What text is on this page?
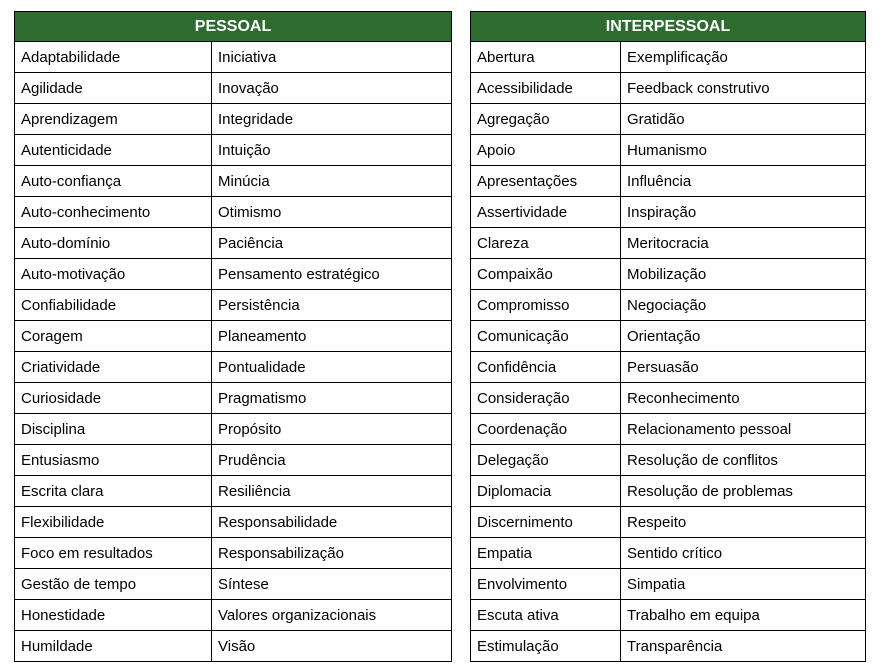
PESSOAL	
Adaptabilidade	Iniciativa
Agilidade	Inovação
Aprendizagem	Integridade
Autenticidade	Intuição
Auto-confiança	Minúcia
Auto-conhecimento	Otimismo
Auto-domínio	Paciência
Auto-motivação	Pensamento estratégico
Confiabilidade	Persistência
Coragem	Planeamento
Criatividade	Pontualidade
Curiosidade	Pragmatismo
Disciplina	Propósito
Entusiasmo	Prudência
Escrita clara	Resiliência
Flexibilidade	Responsabilidade
Foco em resultados	Responsabilização
Gestão de tempo	Síntese
Honestidade	Valores organizacionais
Humildade	Visão
INTERPESSOAL	
Abertura	Exemplificação
Acessibilidade	Feedback construtivo
Agregação	Gratidão
Apoio	Humanismo
Apresentações	Influência
Assertividade	Inspiração
Clareza	Meritocracia
Compaixão	Mobilização
Compromisso	Negociação
Comunicação	Orientação
Confidência	Persuasão
Consideração	Reconhecimento
Coordenação	Relacionamento pessoal
Delegação	Resolução de conflitos
Diplomacia	Resolução de problemas
Discernimento	Respeito
Empatia	Sentido crítico
Envolvimento	Simpatia
Escuta ativa	Trabalho em equipa
Estimulação	Transparência
